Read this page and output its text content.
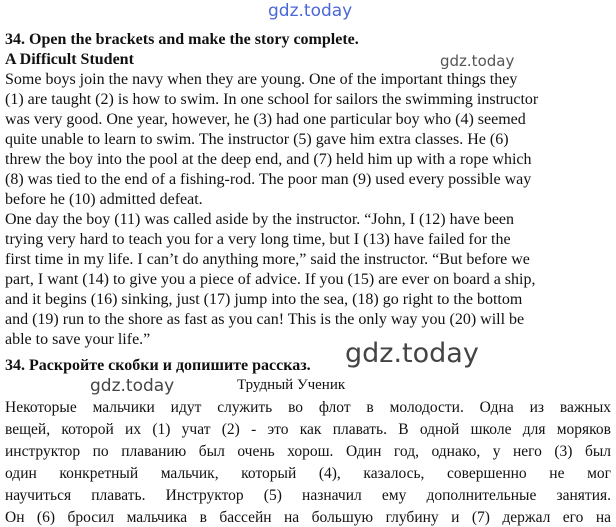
gdz.today
34. Open the brackets and make the story complete.
A Difficult Student	gdz.today
Some boys join the navy when they are young. One of the important things they
(1) are taught (2) is how to swim. In one school for sailors the swimming instructor
was very good. One year, however, he (3) had one particular boy who (4) seemed
quite unable to learn to swim. The instructor (5) gave him extra classes. He (6)
threw the boy into the pool at the deep end, and (7) held him up with a rope which
(8) was tied to the end of a fishing-rod. The poor man (9) used every possible way
before he (10) admitted defeat.
One day the boy (11) was called aside by the instructor. “John, I (12) have been
trying very hard to teach you for a very long time, but I (13) have failed for the
first time in my life. I can’t do anything more,” said the instructor. “But before we
part, I want (14) to give you a piece of advice. If you (15) are ever on board a ship,
and it begins (16) sinking, just (17) jump into the sea, (18) go right to the bottom
and (19) run to the shore as fast as you can! This is the only way you (20) will be
able to save your life.”	gdz.today
34. Раскройте скобки и допишите рассказ.
gdz.today	Трудный Ученик
Некоторые мальчики идут служить во флот в молодости. Одна из важных
вещей, которой их (1) учат (2) - это как плавать. В одной школе для моряков
инструктор по плаванию был очень хорош. Один год, однако, у него (3) был
один конкретный мальчик, который (4), казалось, совершенно не мог
научиться плавать. Инструктор (5) назначил ему дополнительные занятия.
Он (6) бросил мальчика в бассейн на большую глубину и (7) держал его на
